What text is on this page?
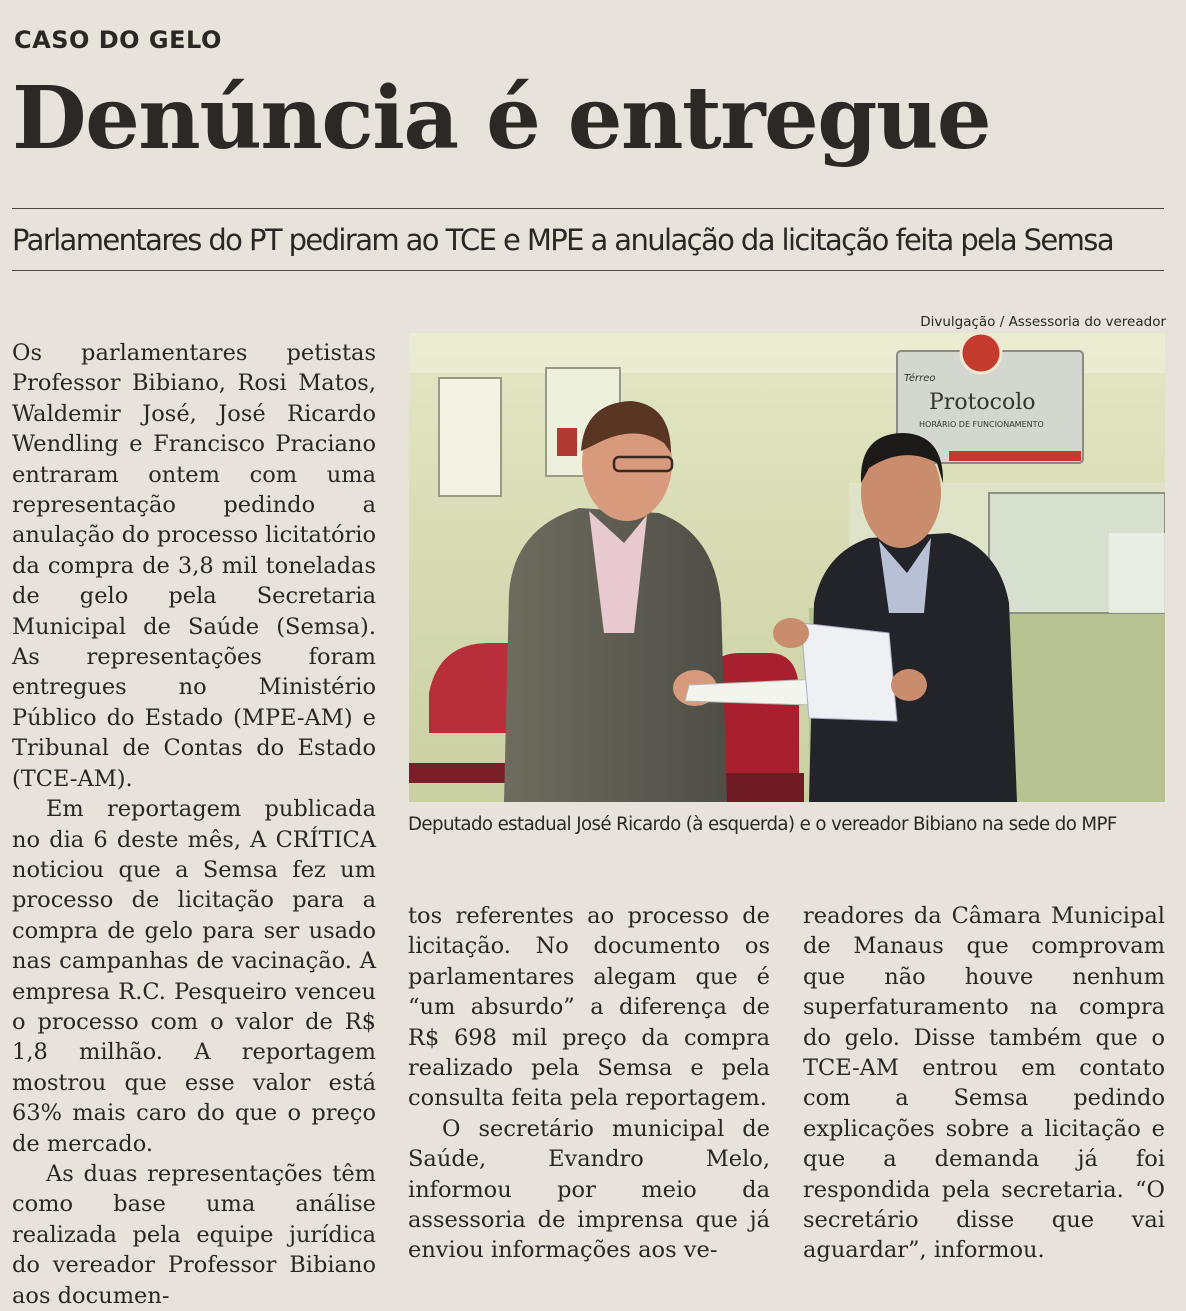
CASO DO GELO
Denúncia é entregue
Parlamentares do PT pediram ao TCE e MPE a anulação da licitação feita pela Semsa

Os parlamentares petistas Professor Bibiano, Rosi Matos, Waldemir José, José Ricardo Wendling e Francisco Praciano entraram ontem com uma representação pedindo a anulação do processo licitatório da compra de 3,8 mil toneladas de gelo pela Secretaria Municipal de Saúde (Semsa). As representações foram entregues no Ministério Público do Estado (MPE-AM) e Tribunal de Contas do Estado (TCE-AM).

Em reportagem publicada no dia 6 deste mês, A CRÍTICA noticiou que a Semsa fez um processo de licitação para a compra de gelo para ser usado nas campanhas de vacinação. A empresa R.C. Pesqueiro venceu o processo com o valor de R$ 1,8 milhão. A reportagem mostrou que esse valor está 63% mais caro do que o preço de mercado.

As duas representações têm como base uma análise realizada pela equipe jurídica do vereador Professor Bibiano aos documen-

Divulgação / Assessoria do vereador
Térreo
Protocolo
HORÁRIO DE FUNCIONAMENTO
Deputado estadual José Ricardo (à esquerda) e o vereador Bibiano na sede do MPF

tos referentes ao processo de licitação. No documento os parlamentares alegam que é “um absurdo” a diferença de R$ 698 mil preço da compra realizado pela Semsa e pela consulta feita pela reportagem.

O secretário municipal de Saúde, Evandro Melo, informou por meio da assessoria de imprensa que já enviou informações aos ve-

readores da Câmara Municipal de Manaus que comprovam que não houve nenhum superfaturamento na compra do gelo. Disse também que o TCE-AM entrou em contato com a Semsa pedindo explicações sobre a licitação e que a demanda já foi respondida pela secretaria. “O secretário disse que vai aguardar”, informou.
